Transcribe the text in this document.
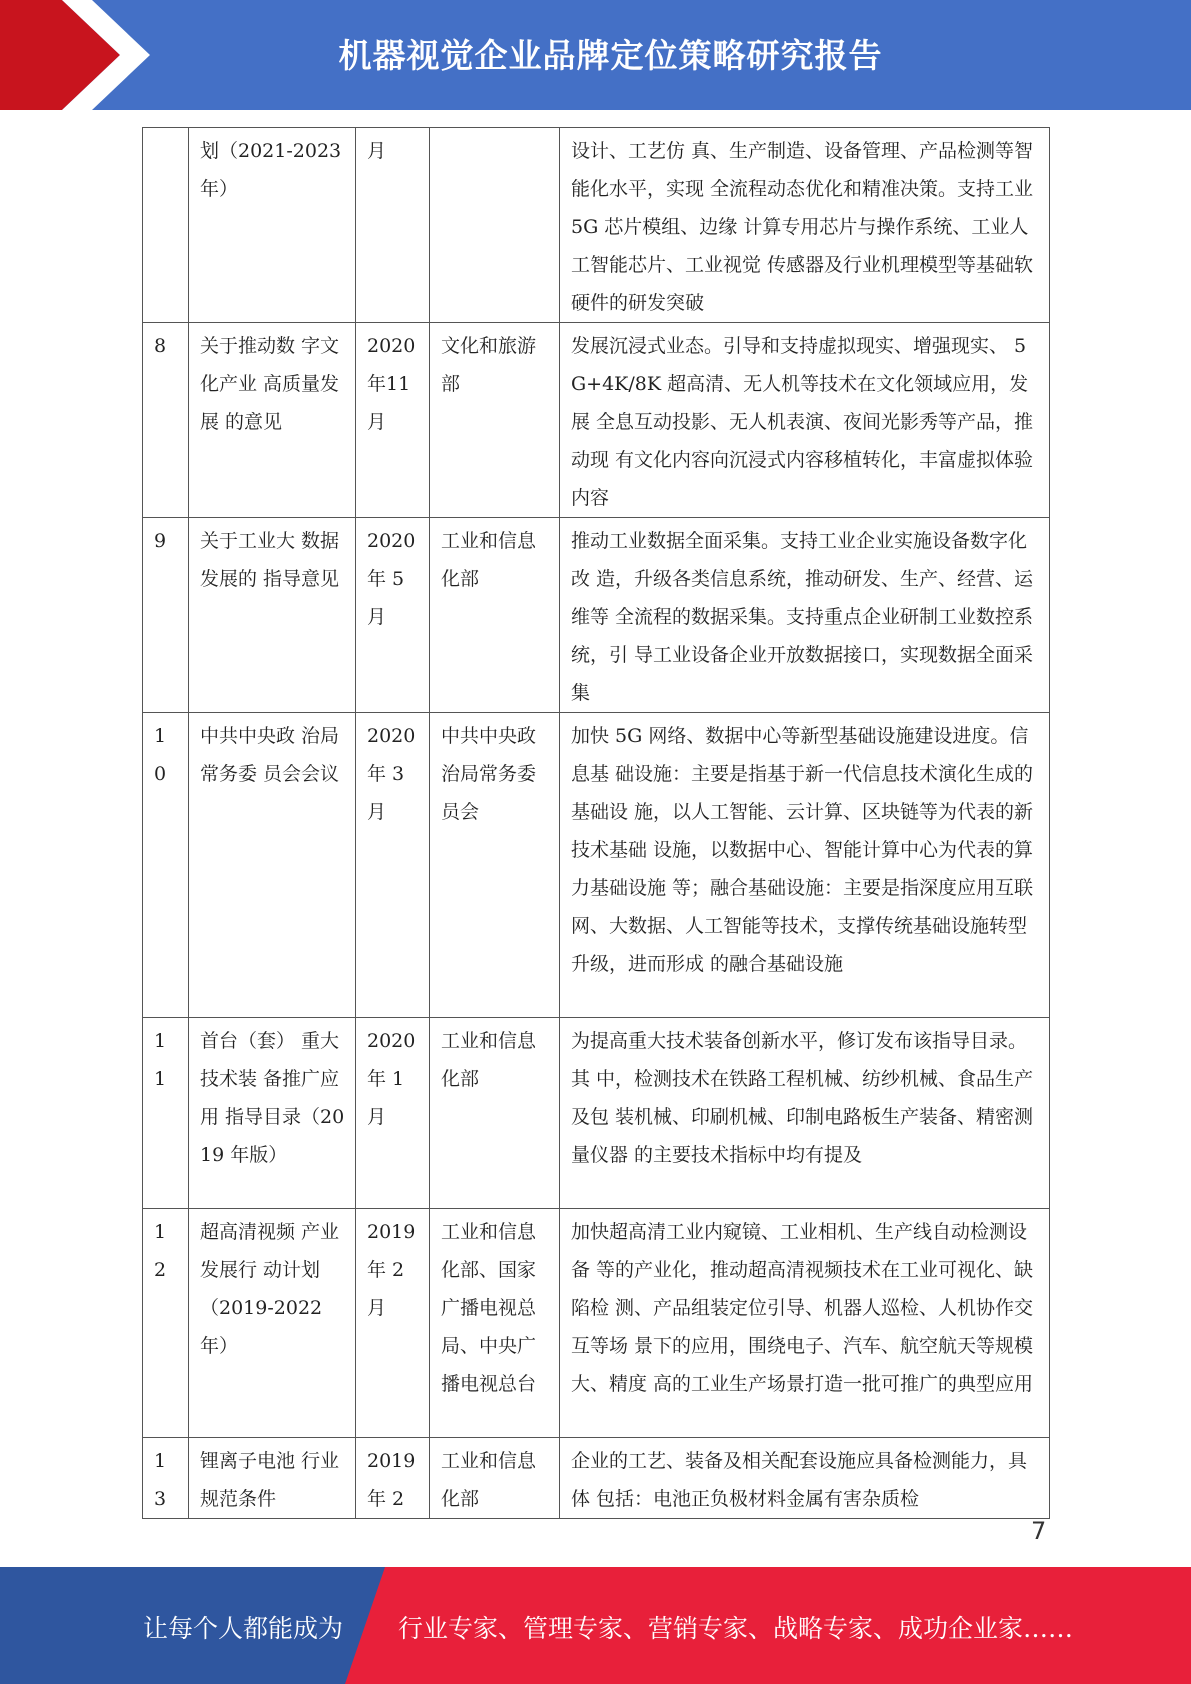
机器视觉企业品牌定位策略研究报告
	划（2021-2023年）	月		设计、工艺仿 真、生产制造、设备管理、产品检测等智能化水平，实现 全流程动态优化和精准决策。支持工业 5G 芯片模组、边缘 计算专用芯片与操作系统、工业人工智能芯片、工业视觉 传感器及行业机理模型等基础软硬件的研发突破
8	关于推动数 字文化产业 高质量发展 的意见	2020年11月	文化和旅游部	发展沉浸式业态。引导和支持虚拟现实、增强现实、 5G+4K/8K 超高清、无人机等技术在文化领域应用，发展 全息互动投影、无人机表演、夜间光影秀等产品，推动现 有文化内容向沉浸式内容移植转化，丰富虚拟体验内容
9	关于工业大 数据发展的 指导意见	2020年 5月	工业和信息化部	推动工业数据全面采集。支持工业企业实施设备数字化改 造，升级各类信息系统，推动研发、生产、经营、运维等 全流程的数据采集。支持重点企业研制工业数控系统，引 导工业设备企业开放数据接口，实现数据全面采集
10	中共中央政 治局常务委 员会会议	2020年 3月	中共中央政治局常务委员会	加快 5G 网络、数据中心等新型基础设施建设进度。信息基 础设施：主要是指基于新一代信息技术演化生成的基础设 施，以人工智能、云计算、区块链等为代表的新技术基础 设施，以数据中心、智能计算中心为代表的算力基础设施 等；融合基础设施：主要是指深度应用互联网、大数据、人工智能等技术，支撑传统基础设施转型升级，进而形成 的融合基础设施
11	首台（套） 重大技术装 备推广应用 指导目录（2019 年版）	2020年 1月	工业和信息化部	为提高重大技术装备创新水平，修订发布该指导目录。其 中，检测技术在铁路工程机械、纺纱机械、食品生产及包 装机械、印刷机械、印制电路板生产装备、精密测量仪器 的主要技术指标中均有提及
12	超高清视频 产业发展行 动计划 （2019-2022 年）	2019年 2月	工业和信息化部、国家广播电视总局、中央广播电视总台	加快超高清工业内窥镜、工业相机、生产线自动检测设备 等的产业化，推动超高清视频技术在工业可视化、缺陷检 测、产品组装定位引导、机器人巡检、人机协作交互等场 景下的应用，围绕电子、汽车、航空航天等规模大、精度 高的工业生产场景打造一批可推广的典型应用
13	锂离子电池 行业规范条件	2019年 2	工业和信息化部	企业的工艺、装备及相关配套设施应具备检测能力，具体 包括：电池正负极材料金属有害杂质检
7
让每个人都能成为 行业专家、管理专家、营销专家、战略专家、成功企业家……
